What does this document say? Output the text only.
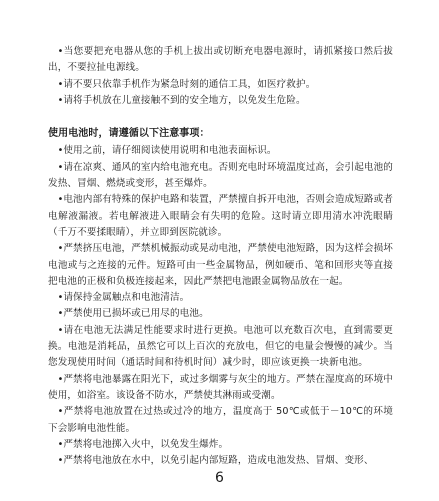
•当您要把充电器从您的手机上拔出或切断充电器电源时，请抓紧接口然后拔出，不要拉扯电源线。

•请不要只依靠手机作为紧急时刻的通信工具，如医疗救护。

•请将手机放在儿童接触不到的安全地方，以免发生危险。

使用电池时，请遵循以下注意事项：

•使用之前，请仔细阅读使用说明和电池表面标识。

•请在凉爽、通风的室内给电池充电。否则充电时环境温度过高，会引起电池的发热、冒烟、燃烧或变形，甚至爆炸。

•电池内部有特殊的保护电路和装置，严禁擅自拆开电池，否则会造成短路或者电解液漏液。若电解液进入眼睛会有失明的危险。这时请立即用清水冲洗眼睛（千万不要揉眼睛），并立即到医院就诊。

•严禁挤压电池，严禁机械振动或晃动电池，严禁使电池短路，因为这样会损坏电池或与之连接的元件。短路可由一些金属物品，例如硬币、笔和回形夹等直接把电池的正极和负极连接起来，因此严禁把电池跟金属物品放在一起。

•请保持金属触点和电池清洁。

•严禁使用已损坏或已用尽的电池。

•请在电池无法满足性能要求时进行更换。电池可以充数百次电，直到需要更换。电池是消耗品，虽然它可以上百次的充放电，但它的电量会慢慢的减少。当您发现使用时间（通话时间和待机时间）减少时，即应该更换一块新电池。

•严禁将电池暴露在阳光下，或过多烟雾与灰尘的地方。严禁在湿度高的环境中使用，如浴室。该设备不防水，严禁使其淋雨或受潮。

•严禁将电池放置在过热或过冷的地方，温度高于 50℃或低于－10℃的环境下会影响电池性能。

•严禁将电池掷入火中，以免发生爆炸。

•严禁将电池放在水中，以免引起内部短路，造成电池发热、冒烟、变形、

6
